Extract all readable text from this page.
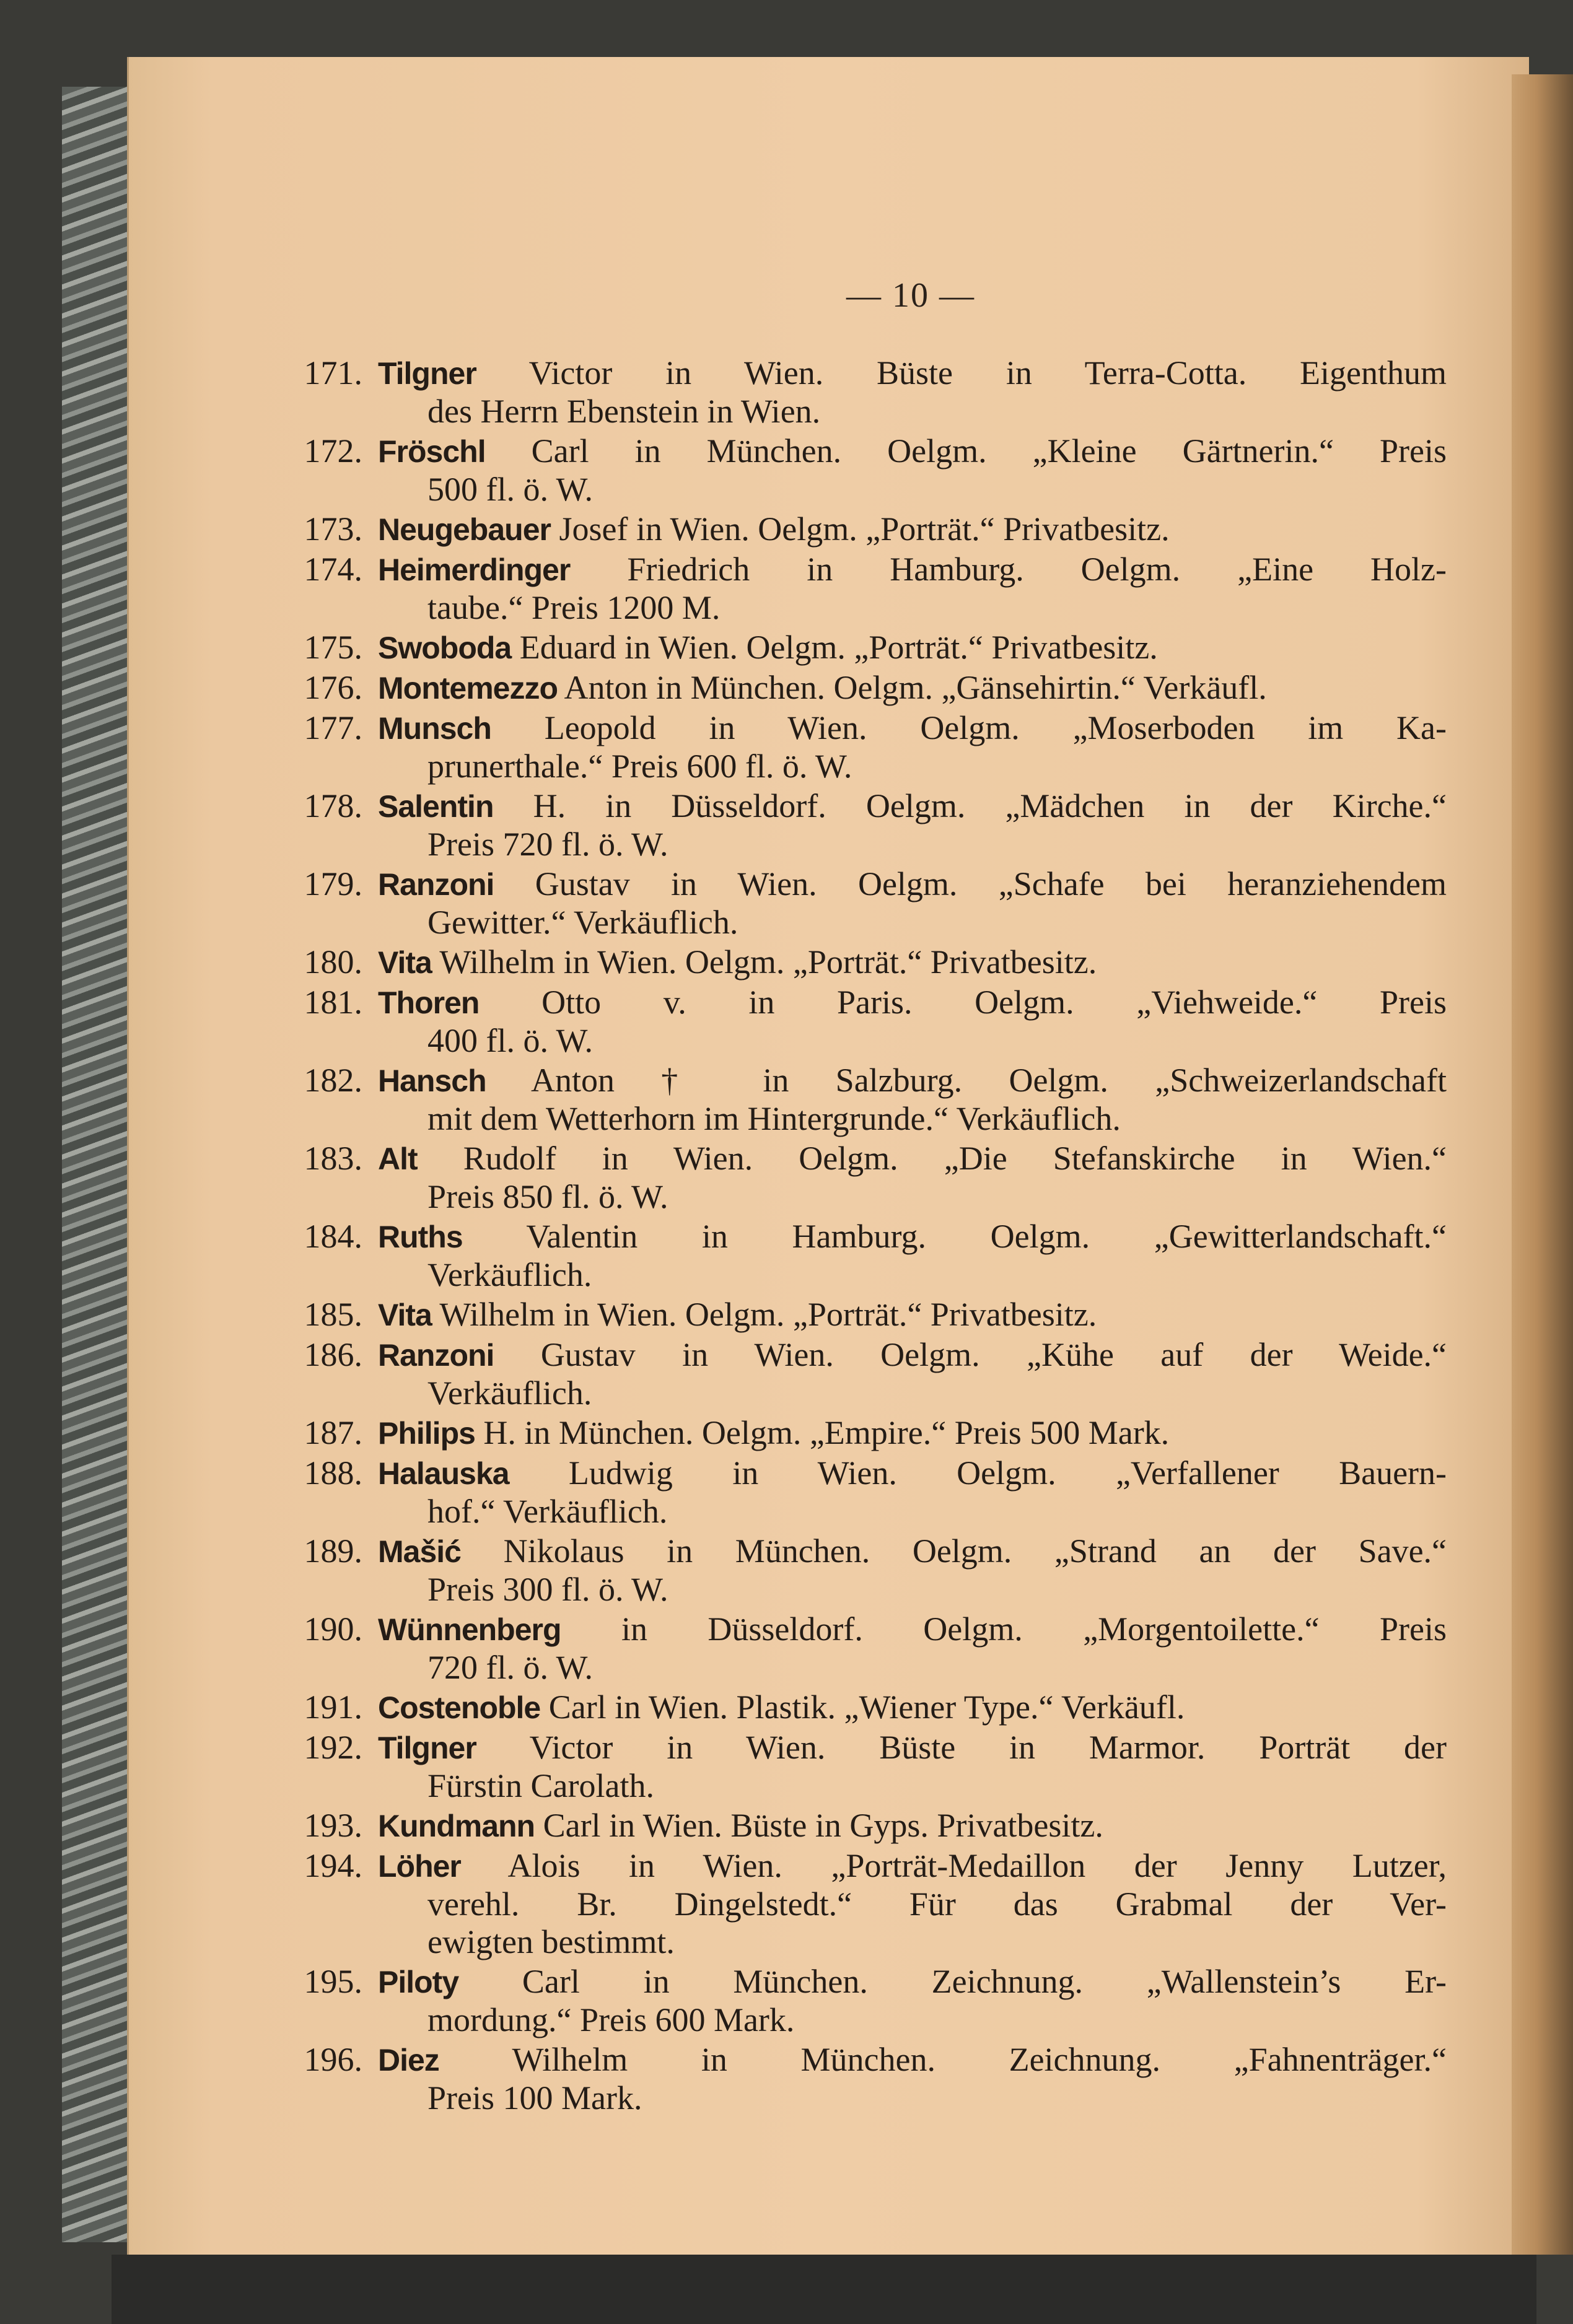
— 10 —
171. Tilgner Victor in Wien. Büste in Terra-Cotta. Eigenthum
des Herrn Ebenstein in Wien.
172. Fröschl Carl in München. Oelgm. „Kleine Gärtnerin.“ Preis
500 fl. ö. W.
173. Neugebauer Josef in Wien. Oelgm. „Porträt.“ Privatbesitz.
174. Heimerdinger Friedrich in Hamburg. Oelgm. „Eine Holz-
taube.“ Preis 1200 M.
175. Swoboda Eduard in Wien. Oelgm. „Porträt.“ Privatbesitz.
176. Montemezzo Anton in München. Oelgm. „Gänsehirtin.“ Verkäufl.
177. Munsch Leopold in Wien. Oelgm. „Moserboden im Ka-
prunerthale.“ Preis 600 fl. ö. W.
178. Salentin H. in Düsseldorf. Oelgm. „Mädchen in der Kirche.“
Preis 720 fl. ö. W.
179. Ranzoni Gustav in Wien. Oelgm. „Schafe bei heranziehendem
Gewitter.“ Verkäuflich.
180. Vita Wilhelm in Wien. Oelgm. „Porträt.“ Privatbesitz.
181. Thoren Otto v. in Paris. Oelgm. „Viehweide.“ Preis
400 fl. ö. W.
182. Hansch Anton † in Salzburg. Oelgm. „Schweizerlandschaft
mit dem Wetterhorn im Hintergrunde.“ Verkäuflich.
183. Alt Rudolf in Wien. Oelgm. „Die Stefanskirche in Wien.“
Preis 850 fl. ö. W.
184. Ruths Valentin in Hamburg. Oelgm. „Gewitterlandschaft.“
Verkäuflich.
185. Vita Wilhelm in Wien. Oelgm. „Porträt.“ Privatbesitz.
186. Ranzoni Gustav in Wien. Oelgm. „Kühe auf der Weide.“
Verkäuflich.
187. Philips H. in München. Oelgm. „Empire.“ Preis 500 Mark.
188. Halauska Ludwig in Wien. Oelgm. „Verfallener Bauern-
hof.“ Verkäuflich.
189. Mašić Nikolaus in München. Oelgm. „Strand an der Save.“
Preis 300 fl. ö. W.
190. Wünnenberg in Düsseldorf. Oelgm. „Morgentoilette.“ Preis
720 fl. ö. W.
191. Costenoble Carl in Wien. Plastik. „Wiener Type.“ Verkäufl.
192. Tilgner Victor in Wien. Büste in Marmor. Porträt der
Fürstin Carolath.
193. Kundmann Carl in Wien. Büste in Gyps. Privatbesitz.
194. Löher Alois in Wien. „Porträt-Medaillon der Jenny Lutzer,
verehl. Br. Dingelstedt.“ Für das Grabmal der Ver-
ewigten bestimmt.
195. Piloty Carl in München. Zeichnung. „Wallenstein’s Er-
mordung.“ Preis 600 Mark.
196. Diez Wilhelm in München. Zeichnung. „Fahnenträger.“
Preis 100 Mark.
